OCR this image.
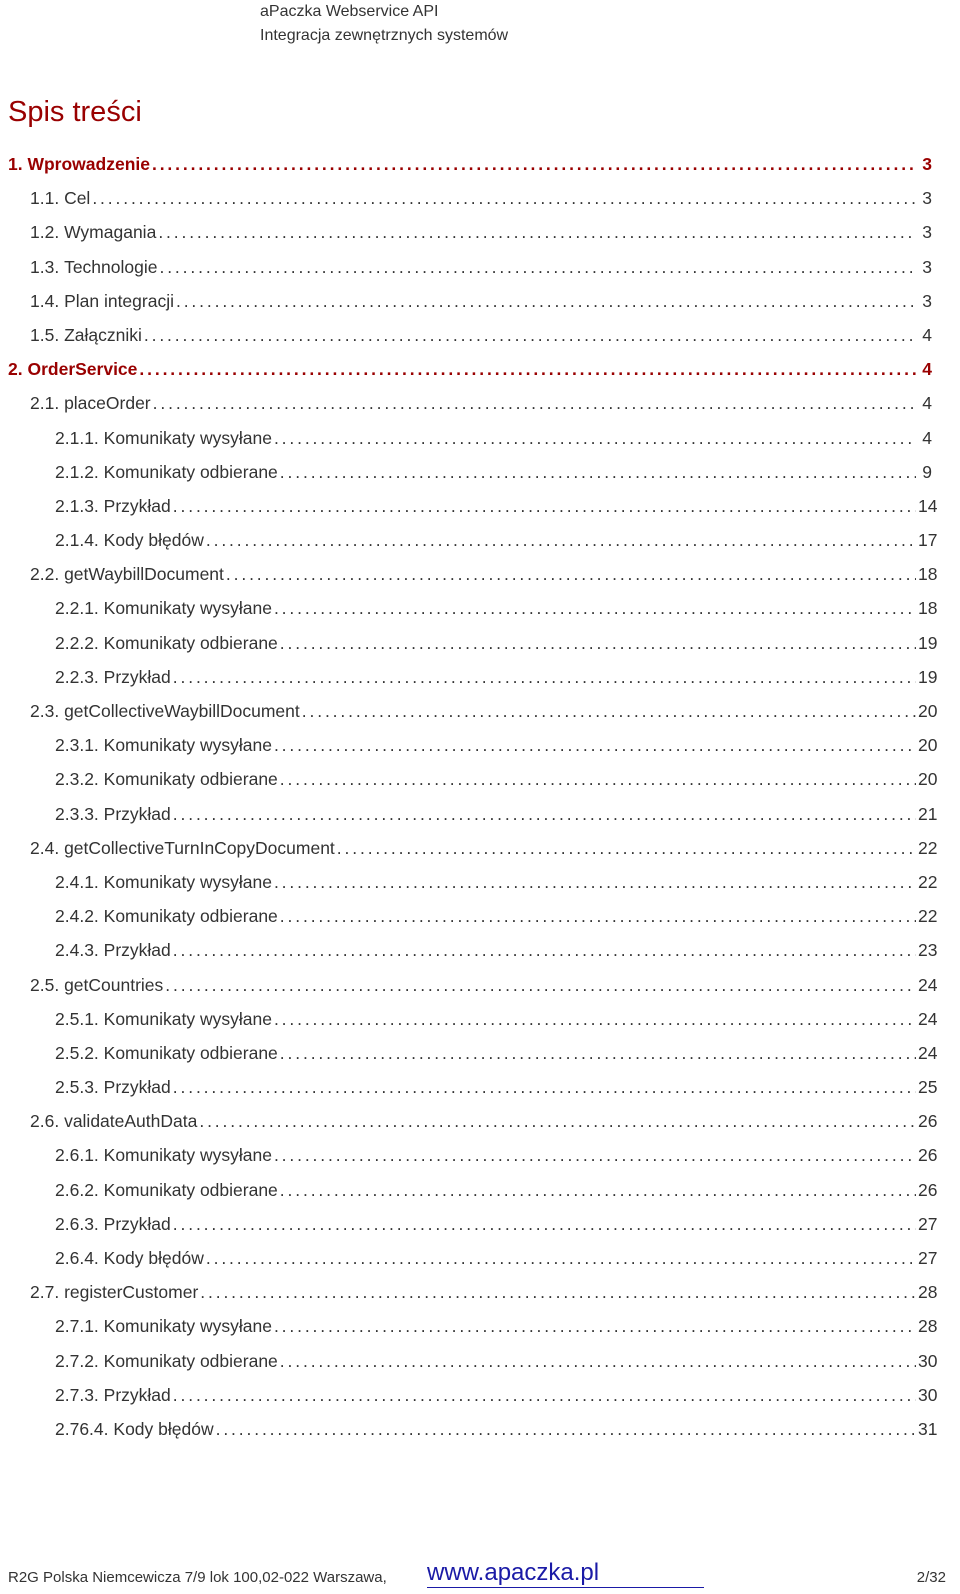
aPaczka Webservice API
Integracja zewnętrznych systemów
Spis treści
1. Wprowadzenie . . .	3
1.1. Cel . . .	3
1.2. Wymagania . . .	3
1.3. Technologie . . .	3
1.4. Plan integracji . . .	3
1.5. Załączniki . . .	4
2. OrderService . . .	4
2.1. placeOrder . . .	4
2.1.1. Komunikaty wysyłane . . .	4
2.1.2. Komunikaty odbierane . . .	9
2.1.3. Przykład . . .	14
2.1.4. Kody błędów . . .	17
2.2. getWaybillDocument . . .	18
2.2.1. Komunikaty wysyłane . . .	18
2.2.2. Komunikaty odbierane . . .	19
2.2.3. Przykład . . .	19
2.3. getCollectiveWaybillDocument . . .	20
2.3.1. Komunikaty wysyłane . . .	20
2.3.2. Komunikaty odbierane . . .	20
2.3.3. Przykład . . .	21
2.4. getCollectiveTurnInCopyDocument . . .	22
2.4.1. Komunikaty wysyłane . . .	22
2.4.2. Komunikaty odbierane . . .	22
2.4.3. Przykład . . .	23
2.5. getCountries . . .	24
2.5.1. Komunikaty wysyłane . . .	24
2.5.2. Komunikaty odbierane . . .	24
2.5.3. Przykład . . .	25
2.6. validateAuthData . . .	26
2.6.1. Komunikaty wysyłane . . .	26
2.6.2. Komunikaty odbierane . . .	26
2.6.3. Przykład . . .	27
2.6.4. Kody błędów . . .	27
2.7. registerCustomer . . .	28
2.7.1. Komunikaty wysyłane . . .	28
2.7.2. Komunikaty odbierane . . .	30
2.7.3. Przykład . . .	30
2.76.4. Kody błędów . . .	31
R2G Polska Niemcewicza 7/9 lok 100,02-022 Warszawa, www.apaczka.pl	2/32
